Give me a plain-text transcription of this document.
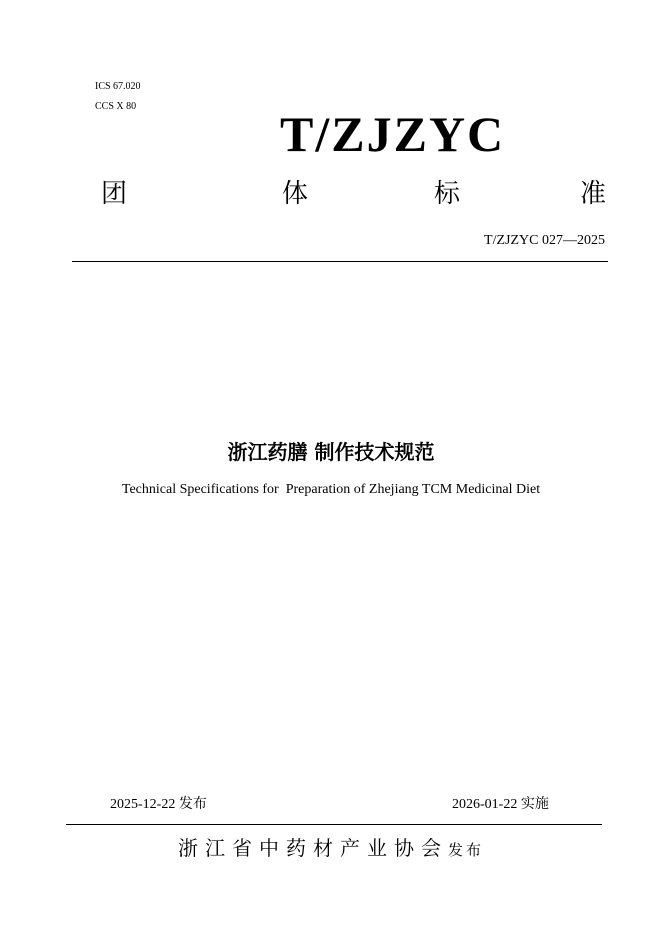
ICS 67.020
CCS X 80	T/ZJZYC
团	体	标	准
T/ZJZYC 027—2025
浙江药膳 制作技术规范
Technical Specifications for  Preparation of Zhejiang TCM Medicinal Diet
2025-12-22 发布	2026-01-22 实施
浙江省中药材产业协会发布
